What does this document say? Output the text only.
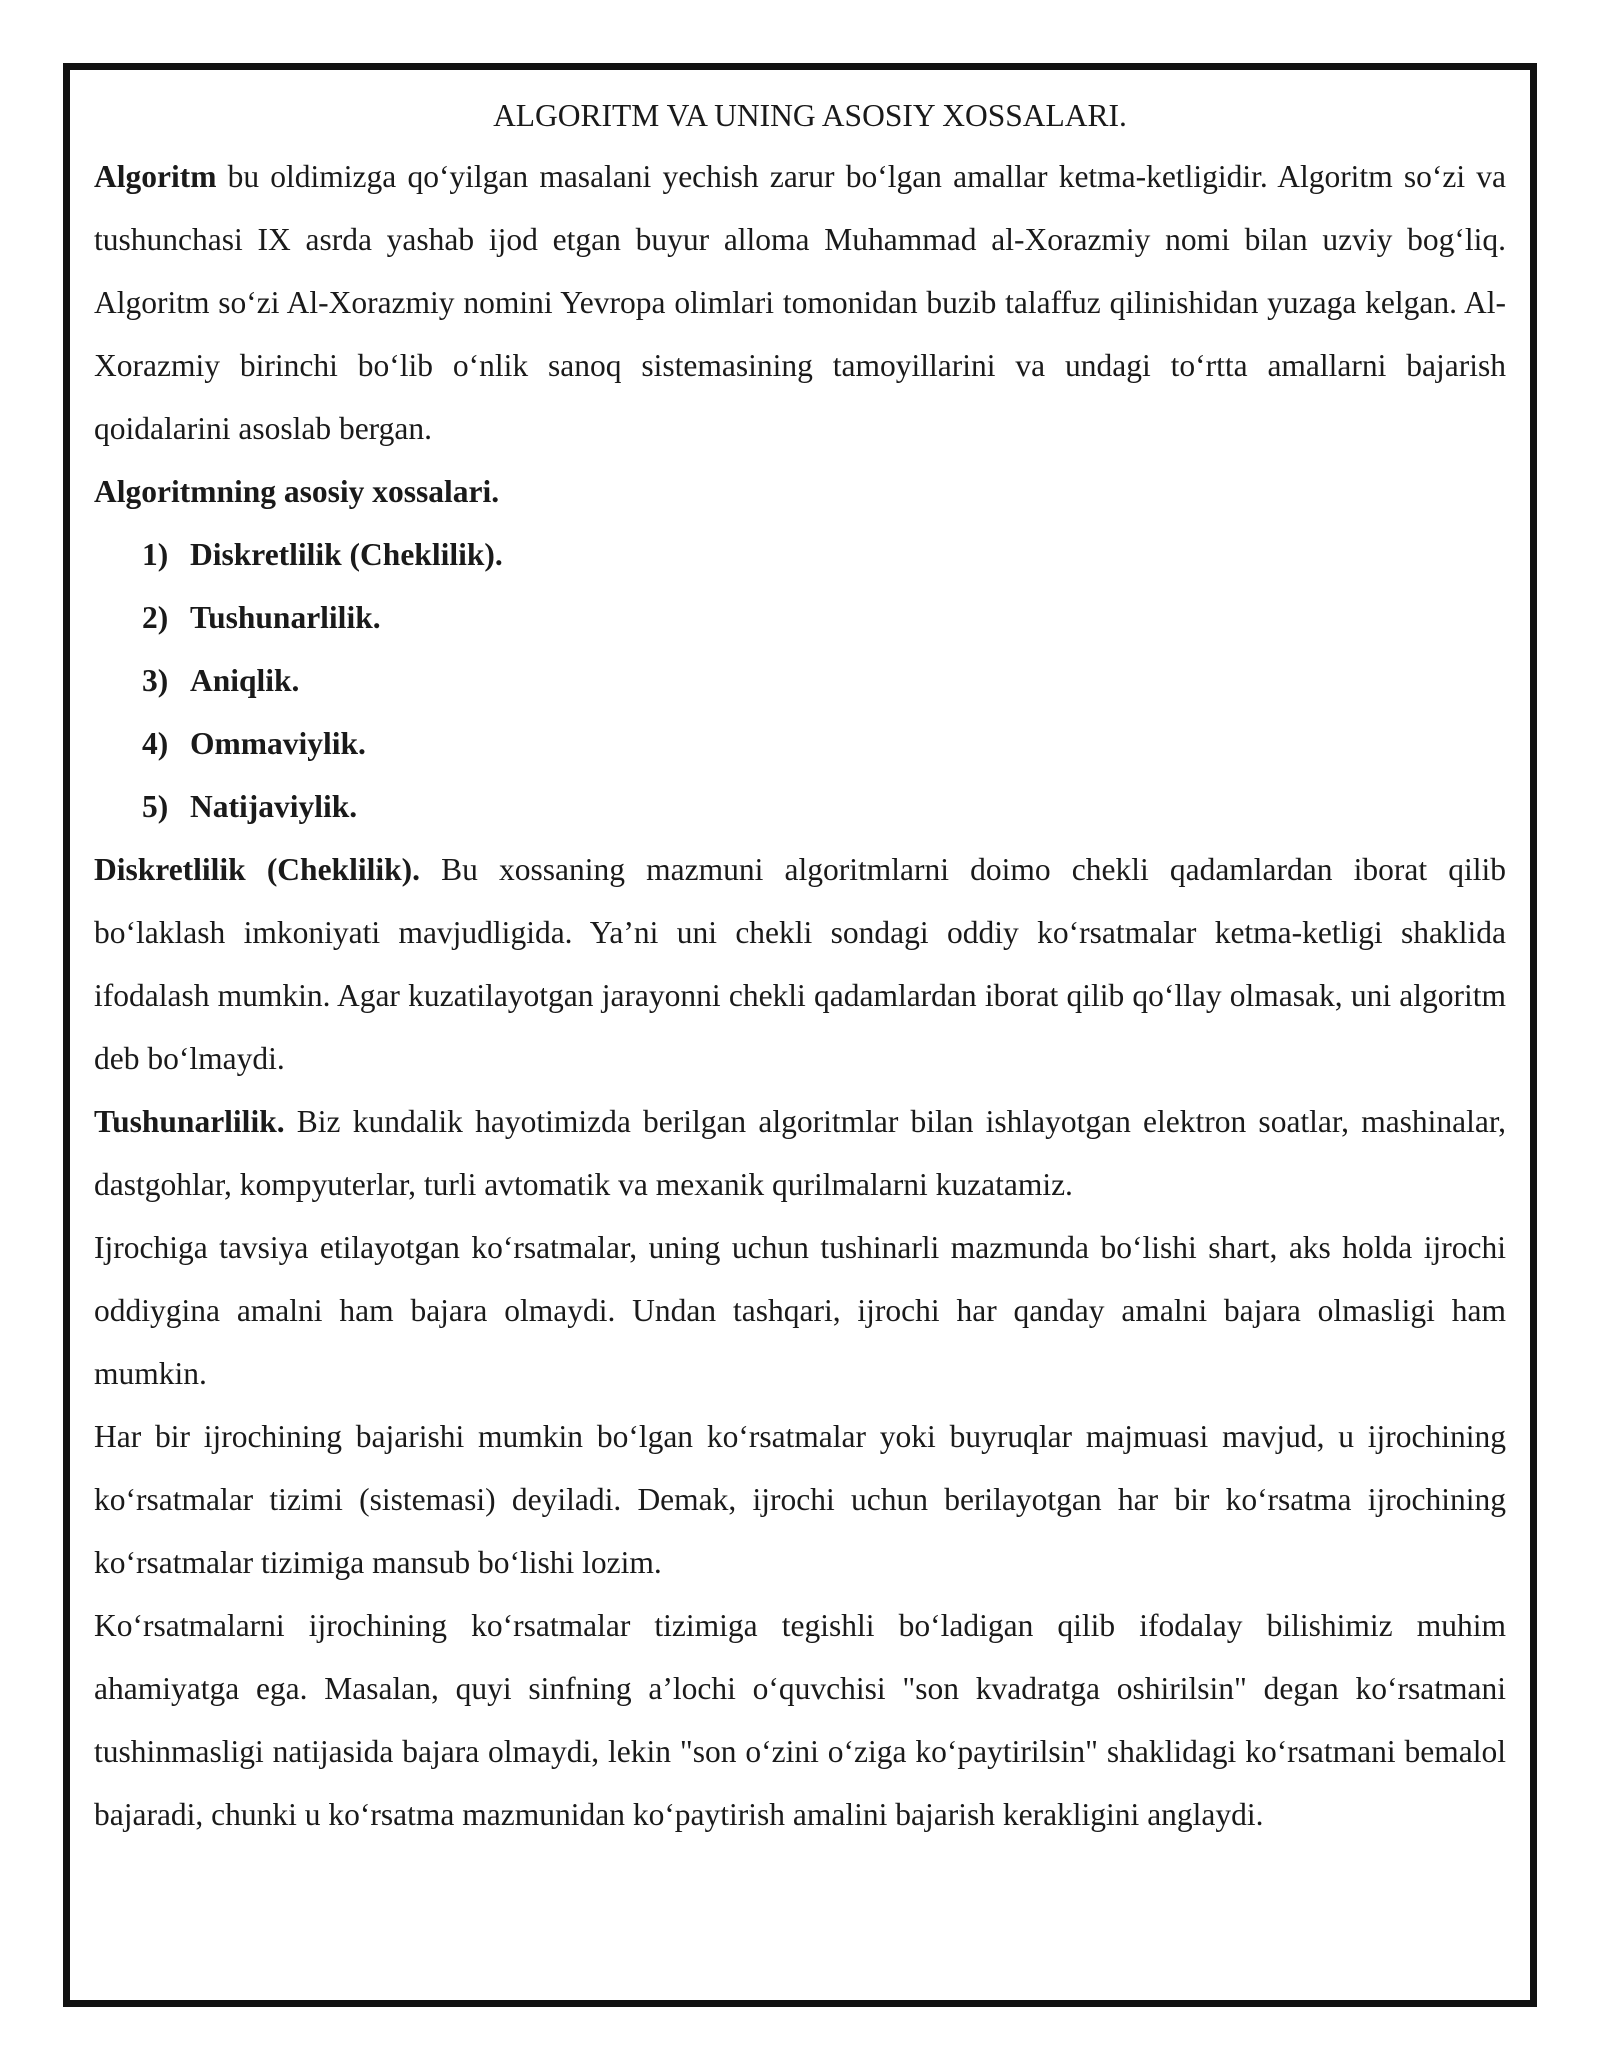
ALGORITM VA UNING ASOSIY XOSSALARI.

Algoritm bu oldimizga qo‘yilgan masalani yechish zarur bo‘lgan amallar ketma-ketligidir. Algoritm so‘zi va tushunchasi IX asrda yashab ijod etgan buyur alloma Muhammad al-Xorazmiy nomi bilan uzviy bog‘liq. Algoritm so‘zi Al-Xorazmiy nomini Yevropa olimlari tomonidan buzib talaffuz qilinishidan yuzaga kelgan. Al-Xorazmiy birinchi bo‘lib o‘nlik sanoq sistemasining tamoyillarini va undagi to‘rtta amallarni bajarish qoidalarini asoslab bergan.

Algoritmning asosiy xossalari.
1) Diskretlilik (Cheklilik).
2) Tushunarlilik.
3) Aniqlik.
4) Ommaviylik.
5) Natijaviylik.

Diskretlilik (Cheklilik). Bu xossaning mazmuni algoritmlarni doimo chekli qadamlardan iborat qilib bo‘laklash imkoniyati mavjudligida. Ya’ni uni chekli sondagi oddiy ko‘rsatmalar ketma-ketligi shaklida ifodalash mumkin. Agar kuzatilayotgan jarayonni chekli qadamlardan iborat qilib qo‘llay olmasak, uni algoritm deb bo‘lmaydi.

Tushunarlilik. Biz kundalik hayotimizda berilgan algoritmlar bilan ishlayotgan elektron soatlar, mashinalar, dastgohlar, kompyuterlar, turli avtomatik va mexanik qurilmalarni kuzatamiz.

Ijrochiga tavsiya etilayotgan ko‘rsatmalar, uning uchun tushinarli mazmunda bo‘lishi shart, aks holda ijrochi oddiygina amalni ham bajara olmaydi. Undan tashqari, ijrochi har qanday amalni bajara olmasligi ham mumkin.

Har bir ijrochining bajarishi mumkin bo‘lgan ko‘rsatmalar yoki buyruqlar majmuasi mavjud, u ijrochining ko‘rsatmalar tizimi (sistemasi) deyiladi. Demak, ijrochi uchun berilayotgan har bir ko‘rsatma ijrochining ko‘rsatmalar tizimiga mansub bo‘lishi lozim.

Ko‘rsatmalarni ijrochining ko‘rsatmalar tizimiga tegishli bo‘ladigan qilib ifodalay bilishimiz muhim ahamiyatga ega. Masalan, quyi sinfning a’lochi o‘quvchisi "son kvadratga oshirilsin" degan ko‘rsatmani tushinmasligi natijasida bajara olmaydi, lekin "son o‘zini o‘ziga ko‘paytirilsin" shaklidagi ko‘rsatmani bemalol bajaradi, chunki u ko‘rsatma mazmunidan ko‘paytirish amalini bajarish kerakligini anglaydi.
